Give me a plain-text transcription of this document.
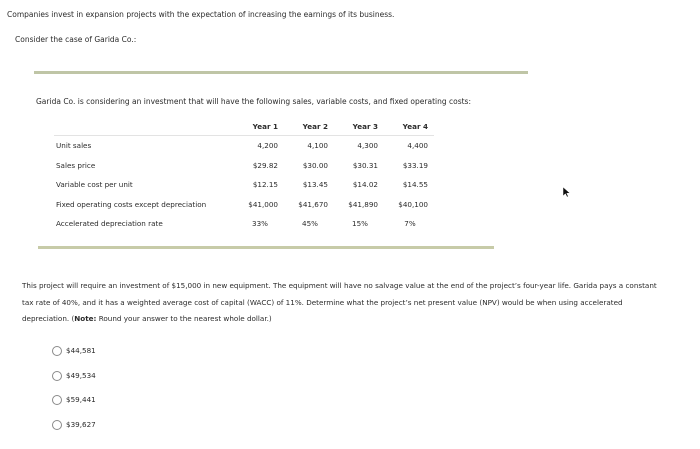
Companies invest in expansion projects with the expectation of increasing the earnings of its business.
Consider the case of Garida Co.:
Garida Co. is considering an investment that will have the following sales, variable costs, and fixed operating costs:
Year 1	Year 2	Year 3	Year 4
Unit sales	4,200	4,100	4,300	4,400
Sales price	$29.82	$30.00	$30.31	$33.19
Variable cost per unit	$12.15	$13.45	$14.02	$14.55
Fixed operating costs except depreciation	$41,000	$41,670	$41,890	$40,100
Accelerated depreciation rate	33%	45%	15%	7%
This project will require an investment of $15,000 in new equipment. The equipment will have no salvage value at the end of the project’s four-year life. Garida pays a constant tax rate of 40%, and it has a weighted average cost of capital (WACC) of 11%. Determine what the project’s net present value (NPV) would be when using accelerated depreciation. (Note: Round your answer to the nearest whole dollar.)
$44,581
$49,534
$59,441
$39,627
